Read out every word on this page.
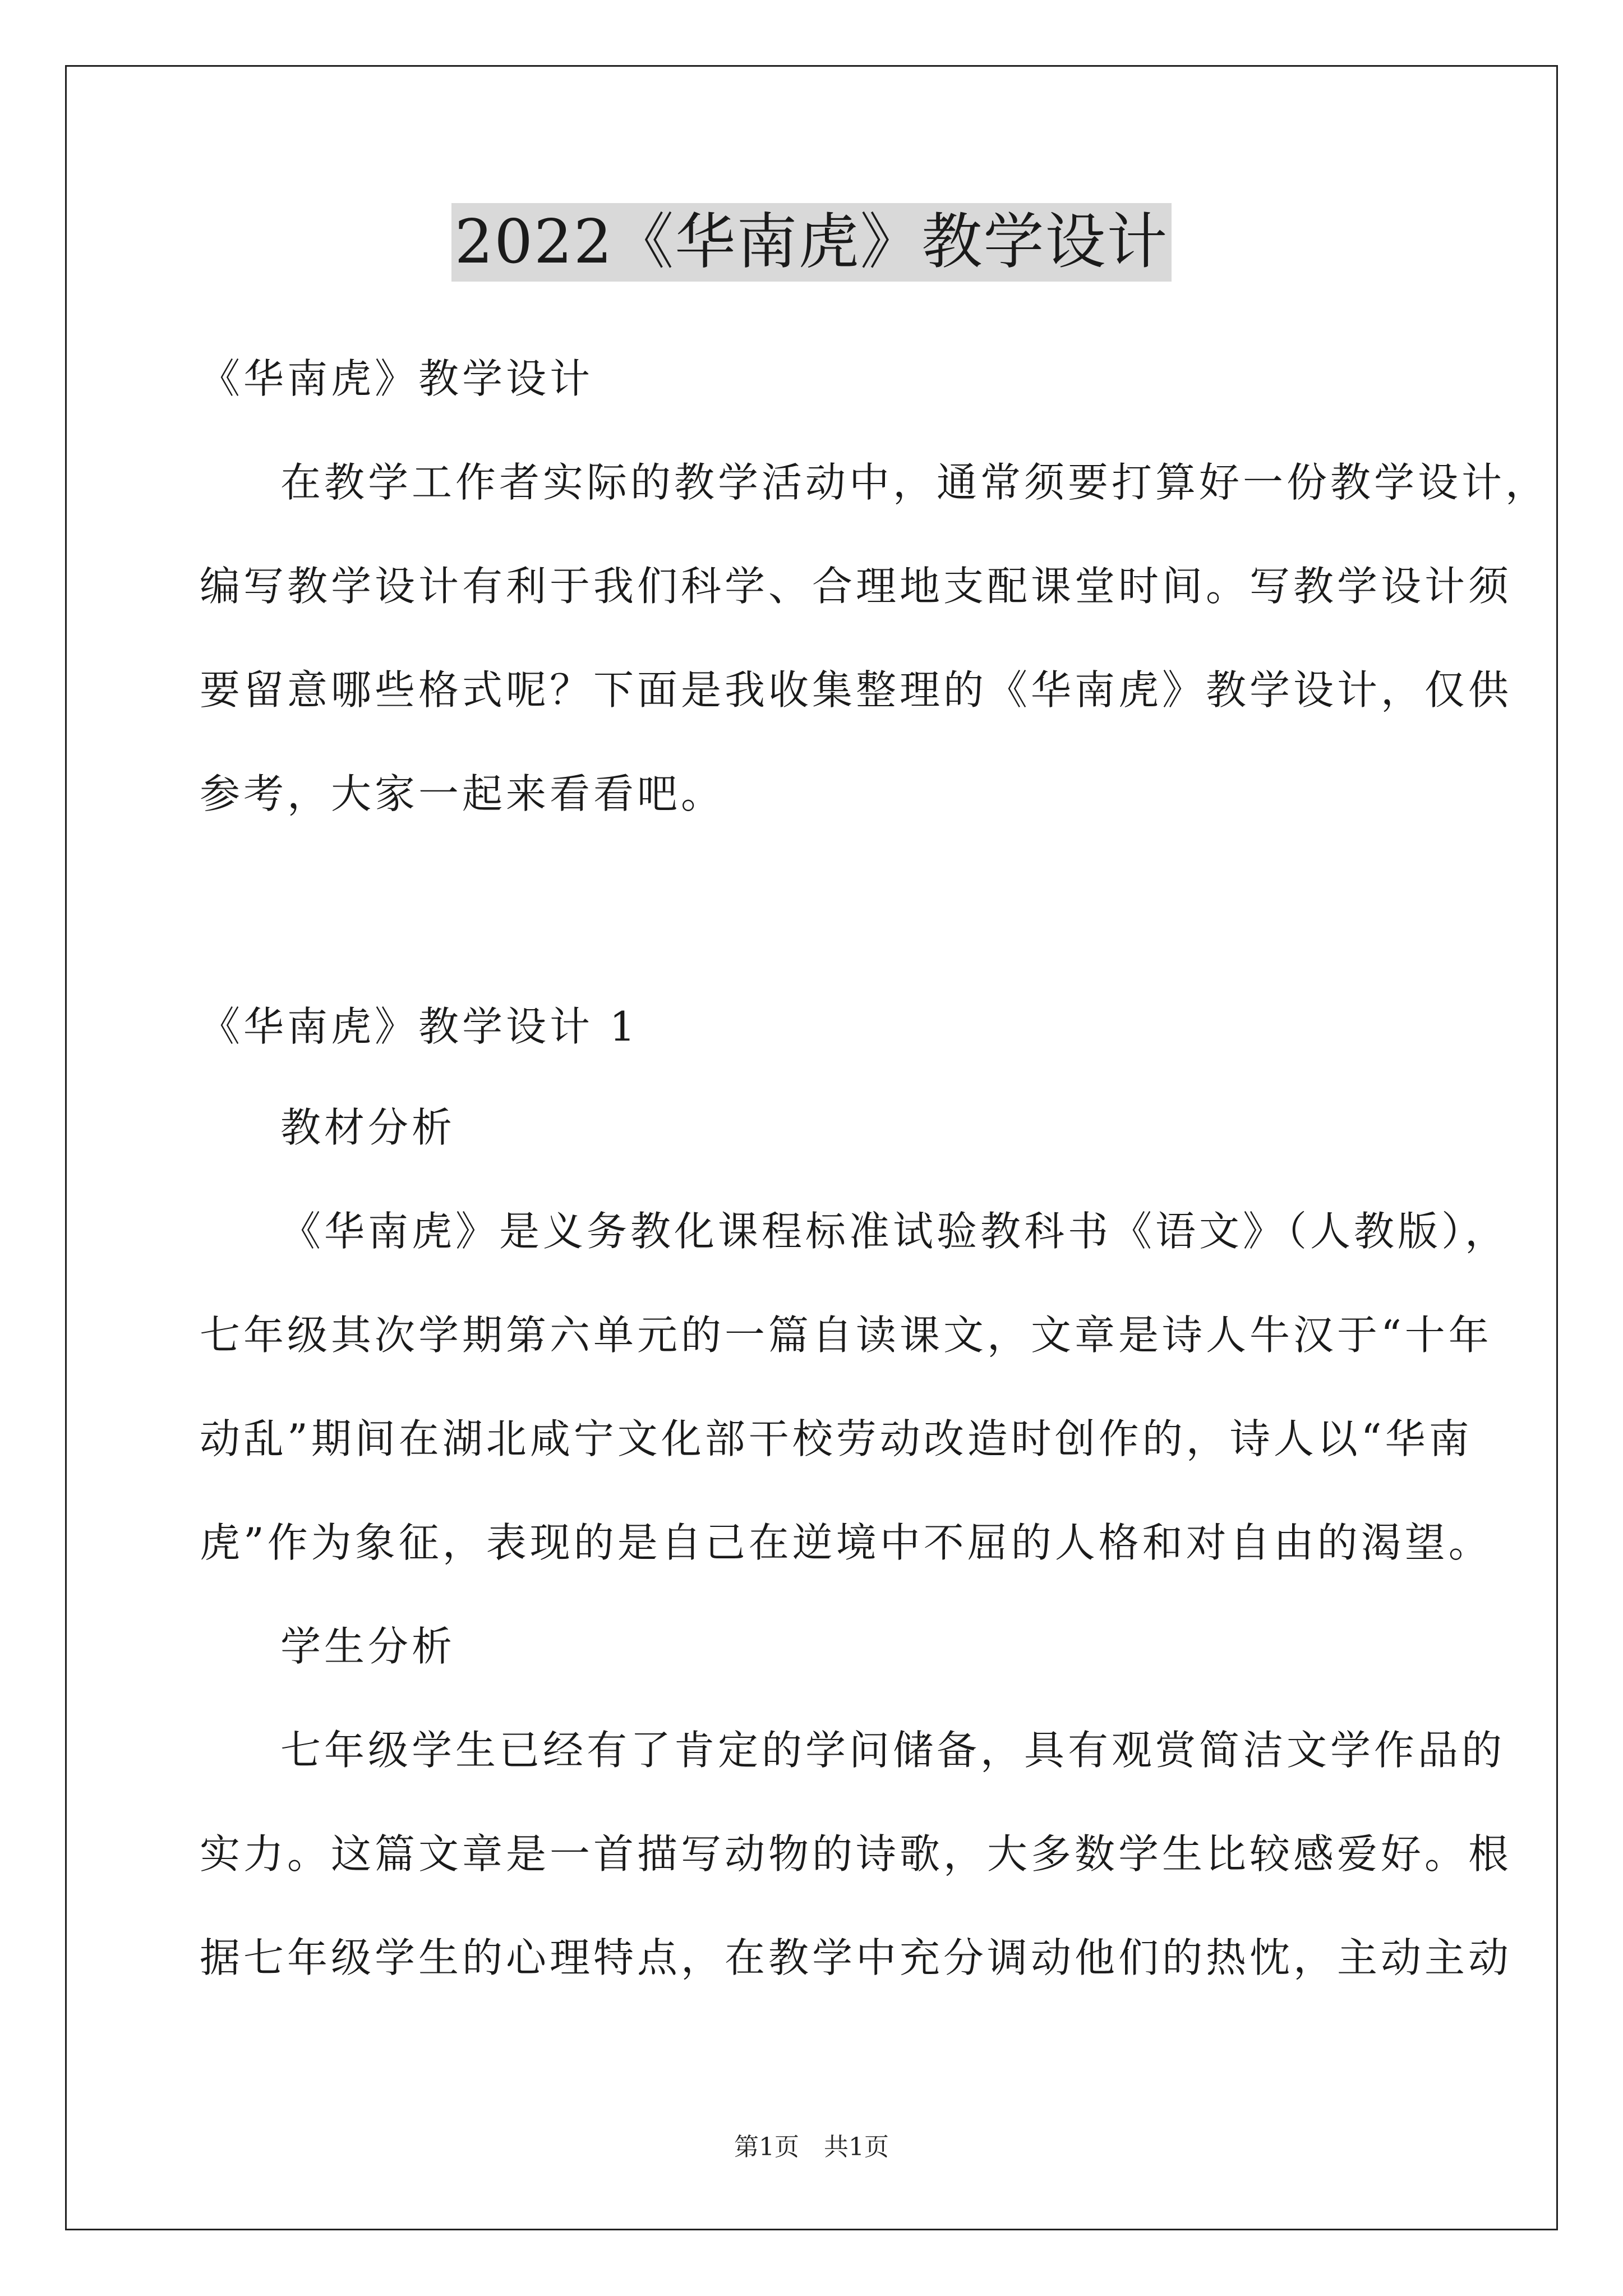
2022《华南虎》教学设计
《华南虎》教学设计
在教学工作者实际的教学活动中，通常须要打算好一份教学设计，
编写教学设计有利于我们科学、合理地支配课堂时间。写教学设计须
要留意哪些格式呢？下面是我收集整理的《华南虎》教学设计，仅供
参考，大家一起来看看吧。
《华南虎》教学设计 1
教材分析
《华南虎》是义务教化课程标准试验教科书《语文》（人教版），
七年级其次学期第六单元的一篇自读课文，文章是诗人牛汉于“十年
动乱”期间在湖北咸宁文化部干校劳动改造时创作的，诗人以“华南
虎”作为象征，表现的是自己在逆境中不屈的人格和对自由的渴望。
学生分析
七年级学生已经有了肯定的学问储备，具有观赏简洁文学作品的
实力。这篇文章是一首描写动物的诗歌，大多数学生比较感爱好。根
据七年级学生的心理特点，在教学中充分调动他们的热忱，主动主动
第1页　共1页
